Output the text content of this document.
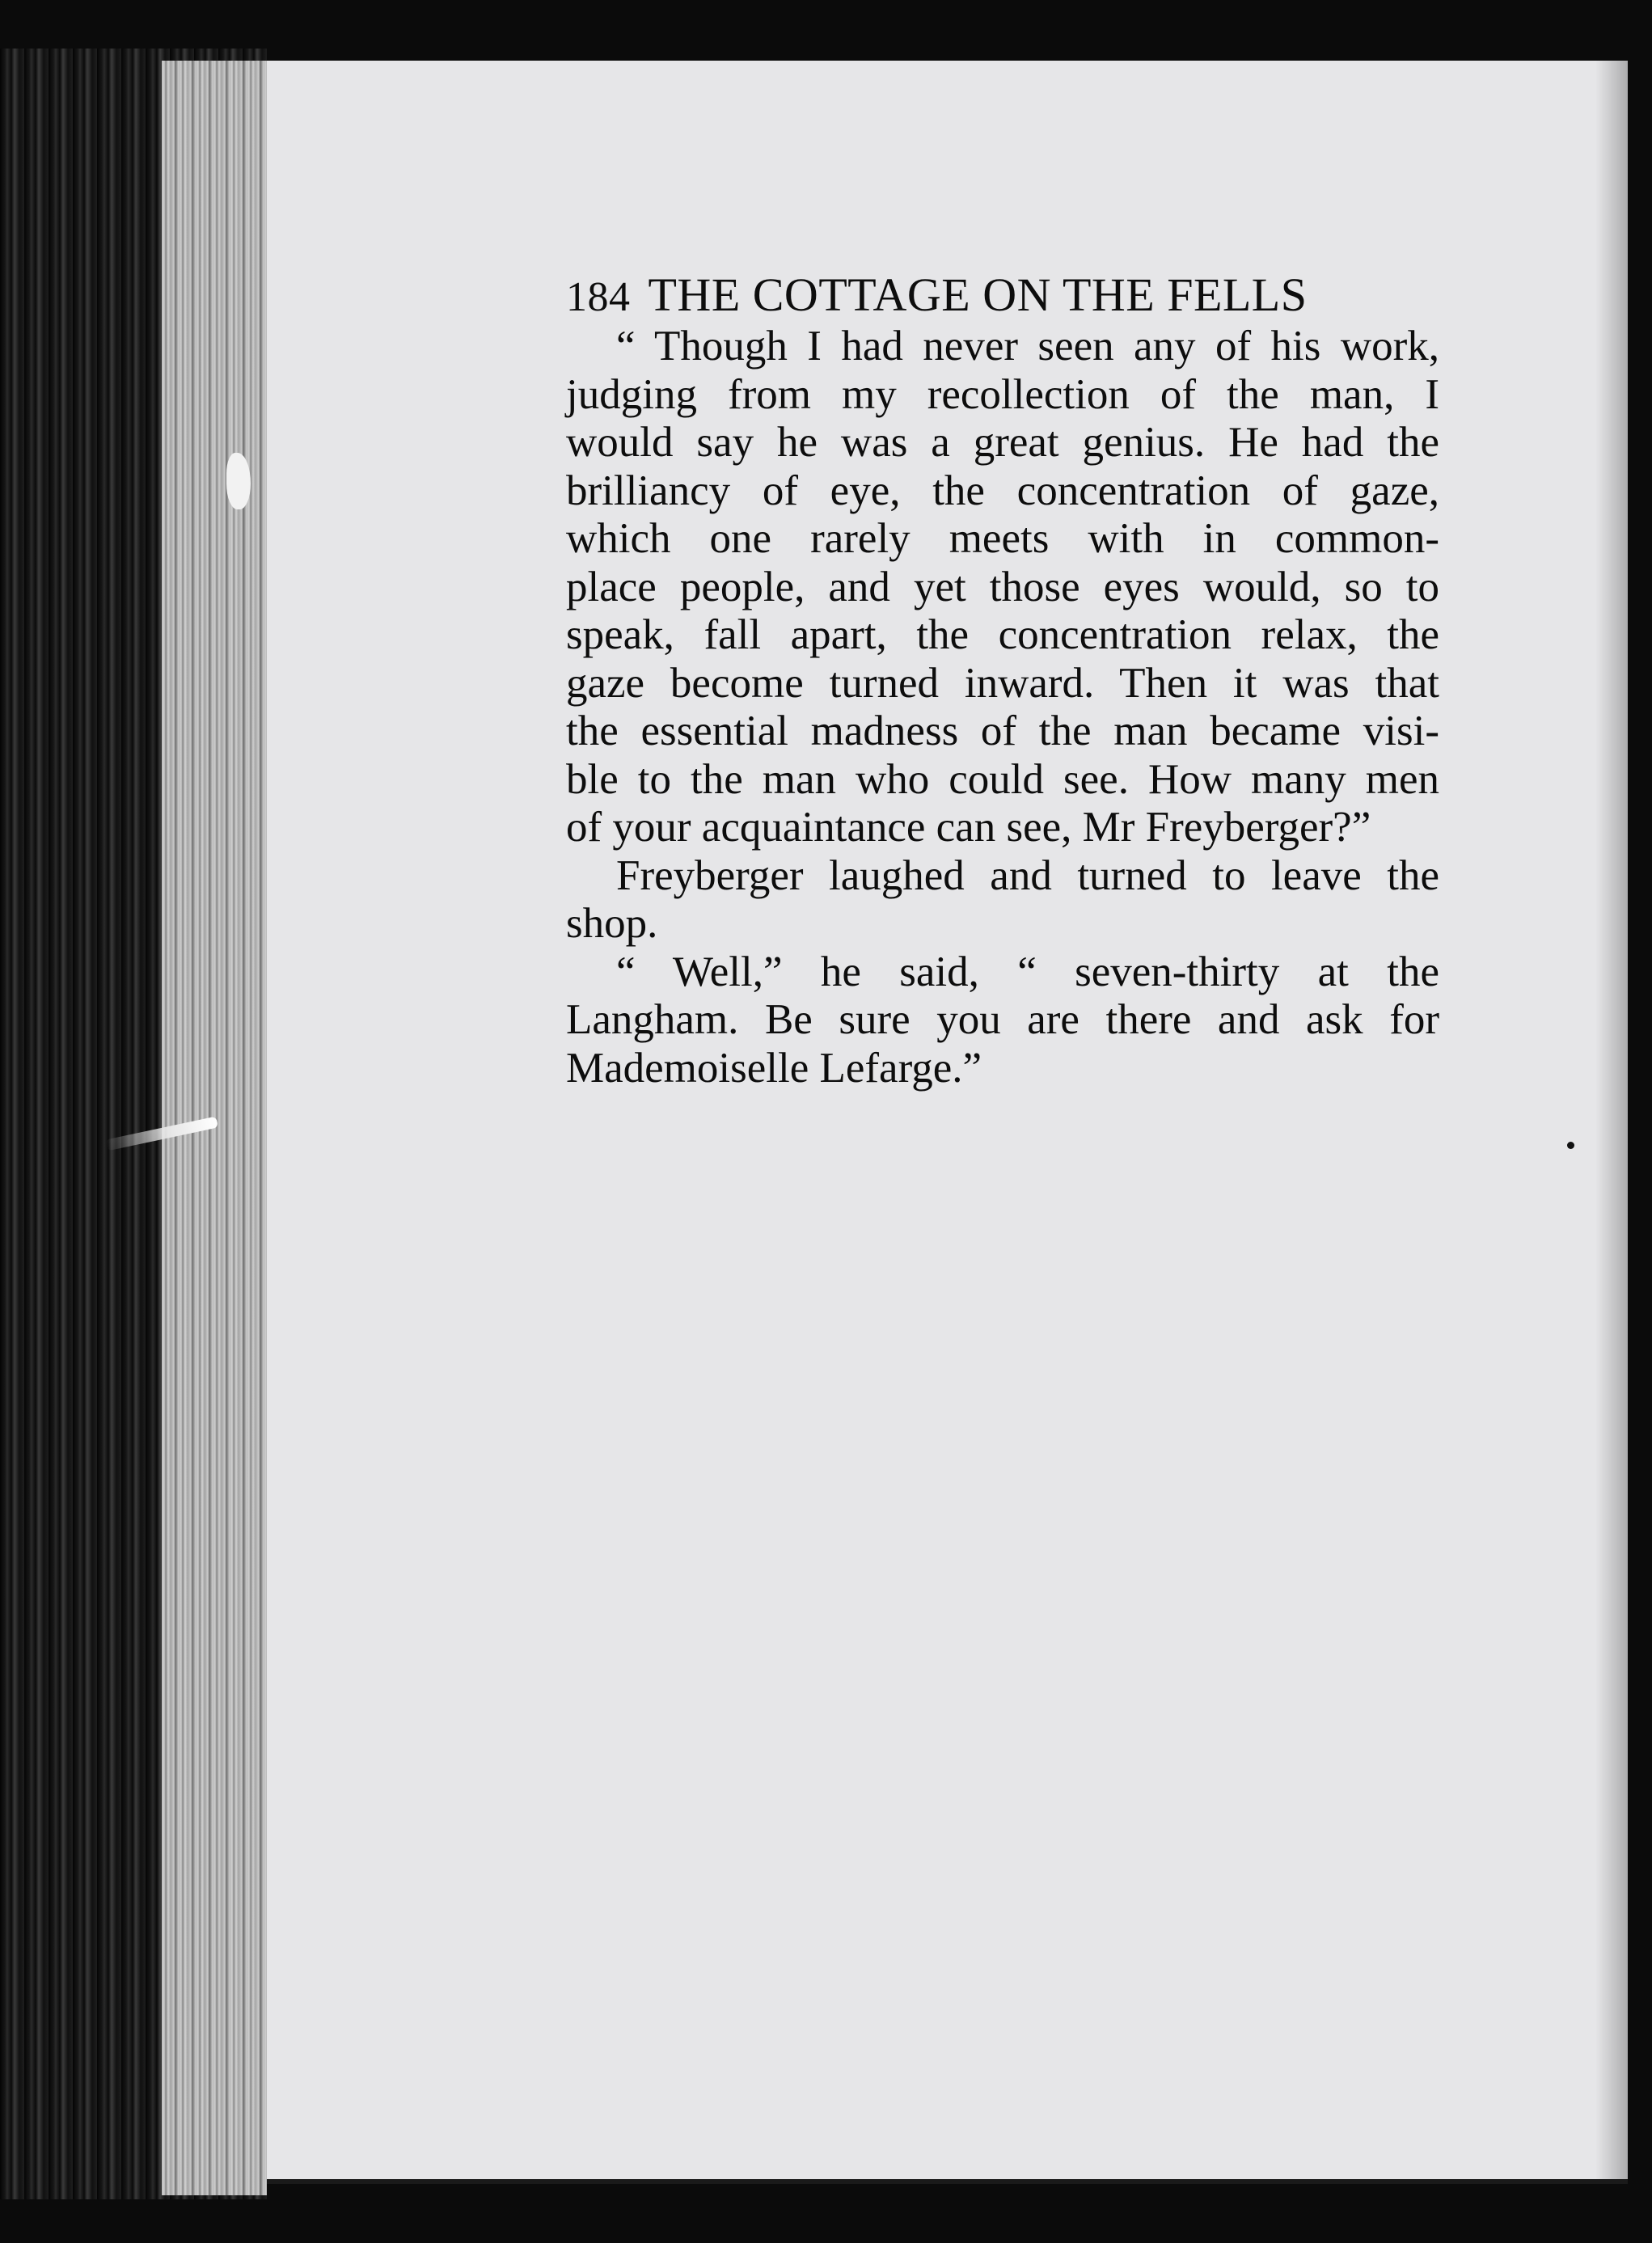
184 THE COTTAGE ON THE FELLS
“ Though I had never seen any of his work,
judging from my recollection of the man, I
would say he was a great genius. He had the
brilliancy of eye, the concentration of gaze,
which one rarely meets with in common-
place people, and yet those eyes would, so to
speak, fall apart, the concentration relax, the
gaze become turned inward. Then it was that
the essential madness of the man became visi-
ble to the man who could see. How many men
of your acquaintance can see, Mr Freyberger?”
Freyberger laughed and turned to leave the
shop.
“ Well,” he said, “ seven-thirty at the
Langham. Be sure you are there and ask for
Mademoiselle Lefarge.”
